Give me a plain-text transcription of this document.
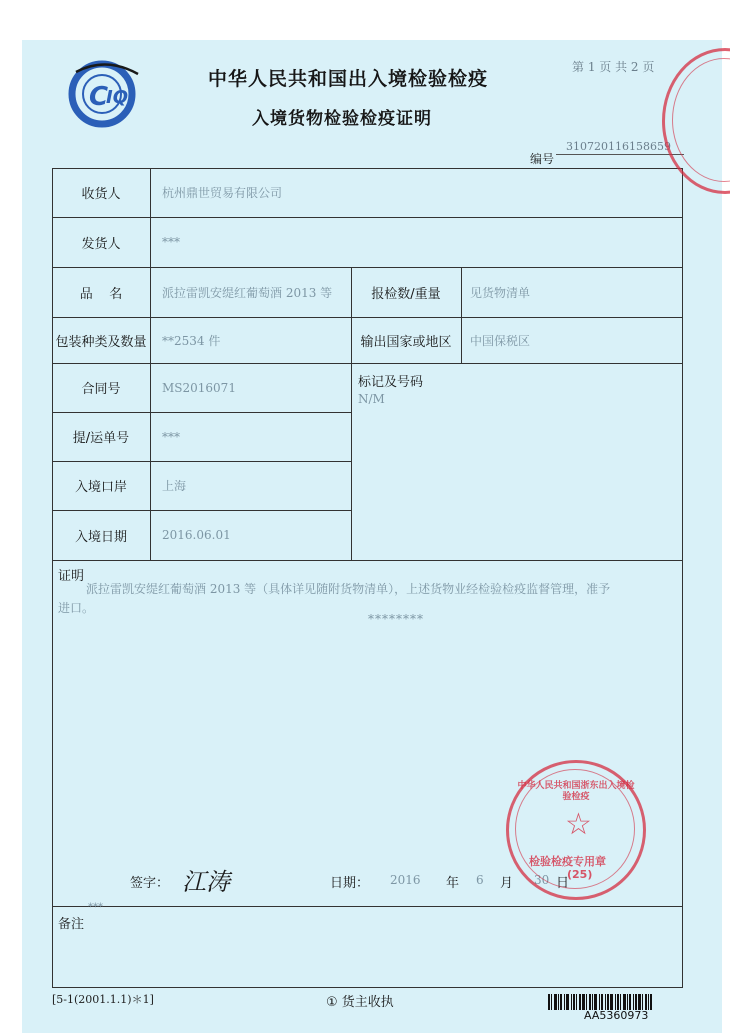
C
IQ
中华人民共和国出入境检验检疫
入境货物检验检疫证明
第 1 页 共 2 页
310720116158659
编号
收货人	杭州鼎世贸易有限公司
发货人	***
品    名	派拉雷凯安缇红葡萄酒 2013 等	报检数/重量	见货物清单
包装种类及数量 **2534 件	输出国家或地区	中国保税区
合同号	MS2016071	标记及号码
N/M
提/运单号	***
入境口岸	上海
入境日期	2016.06.01
证明
派拉雷凯安缇红葡萄酒 2013 等（具体详见随附货物清单），上述货物业经检验检疫监督管理，准予
进口。
********
签字： 江涛	日期： 2016 年 6 月 30 日
备注
***
☆
中华人民共和国浙东出入境检验检疫
检验检疫专用章
(25)
[5-1(2001.1.1)＊1]	① 货主收执
AA5360973
